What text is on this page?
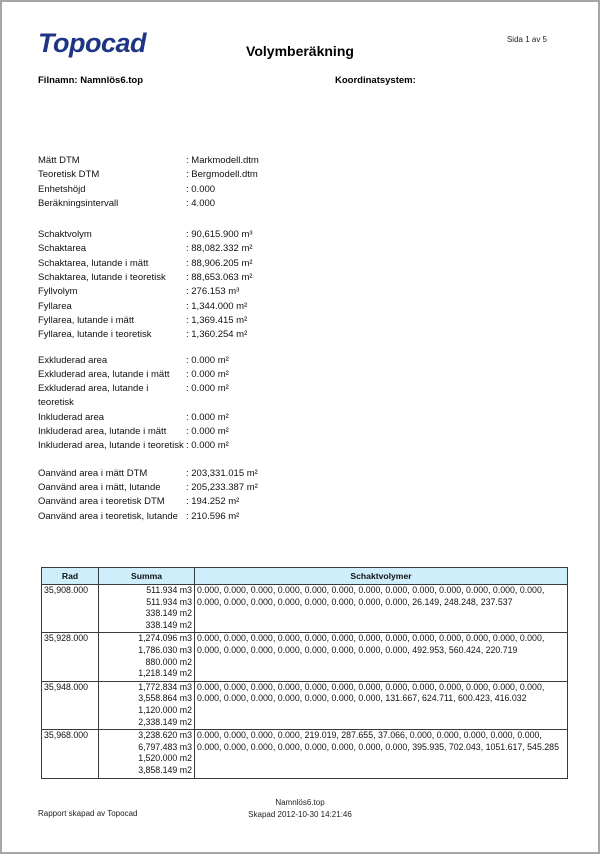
Topocad	Volymberäkning
Sida 1 av 5
Filnamn: Namnlös6.top	Koordinatsystem:
Mätt DTM	: Markmodell.dtm
Teoretisk DTM	: Bergmodell.dtm
Enhetshöjd	: 0.000
Beräkningsintervall	: 4.000
Schaktvolym	: 90,615.900 m³
Schaktarea	: 88,082.332 m²
Schaktarea, lutande i mätt	: 88,906.205 m²
Schaktarea, lutande i teoretisk	: 88,653.063 m²
Fyllvolym	: 276.153 m³
Fyllarea	: 1,344.000 m²
Fyllarea, lutande i mätt	: 1,369.415 m²
Fyllarea, lutande i teoretisk	: 1,360.254 m²
Exkluderad area	: 0.000 m²
Exkluderad area, lutande i mätt	: 0.000 m²
Exkluderad area, lutande i teoretisk
: 0.000 m²
Inkluderad area	: 0.000 m²
Inkluderad area, lutande i mätt	: 0.000 m²
Inkluderad area, lutande i teoretisk : 0.000 m²
Oanvänd area i mätt DTM	: 203,331.015 m²
Oanvänd area i mätt, lutande	: 205,233.387 m²
Oanvänd area i teoretisk DTM	: 194.252 m²
Oanvänd area i teoretisk, lutande : 210.596 m²
Rad	Summa	Schaktvolymer
35,908.000	511.934 m3
511.934 m3
338.149 m2
338.149 m2	0.000, 0.000, 0.000, 0.000, 0.000, 0.000, 0.000, 0.000, 0.000, 0.000, 0.000, 0.000, 0.000, 0.000, 0.000, 0.000, 0.000, 0.000, 0.000, 0.000, 0.000, 26.149, 248.248, 237.537
35,928.000	1,274.096 m3
1,786.030 m3
880.000 m2
1,218.149 m2	0.000, 0.000, 0.000, 0.000, 0.000, 0.000, 0.000, 0.000, 0.000, 0.000, 0.000, 0.000, 0.000, 0.000, 0.000, 0.000, 0.000, 0.000, 0.000, 0.000, 0.000, 492.953, 560.424, 220.719
35,948.000	1,772.834 m3
3,558.864 m3
1,120.000 m2
2,338.149 m2	0.000, 0.000, 0.000, 0.000, 0.000, 0.000, 0.000, 0.000, 0.000, 0.000, 0.000, 0.000, 0.000, 0.000, 0.000, 0.000, 0.000, 0.000, 0.000, 0.000, 131.667, 624.711, 600.423, 416.032
35,968.000	3,238.620 m3
6,797.483 m3
1,520.000 m2
3,858.149 m2	0.000, 0.000, 0.000, 0.000, 219.019, 287.655, 37.066, 0.000, 0.000, 0.000, 0.000, 0.000, 0.000, 0.000, 0.000, 0.000, 0.000, 0.000, 0.000, 0.000, 395.935, 702.043, 1051.617, 545.285
Namnlös6.top
Skapad 2012-10-30 14:21:46
Rapport skapad av Topocad
